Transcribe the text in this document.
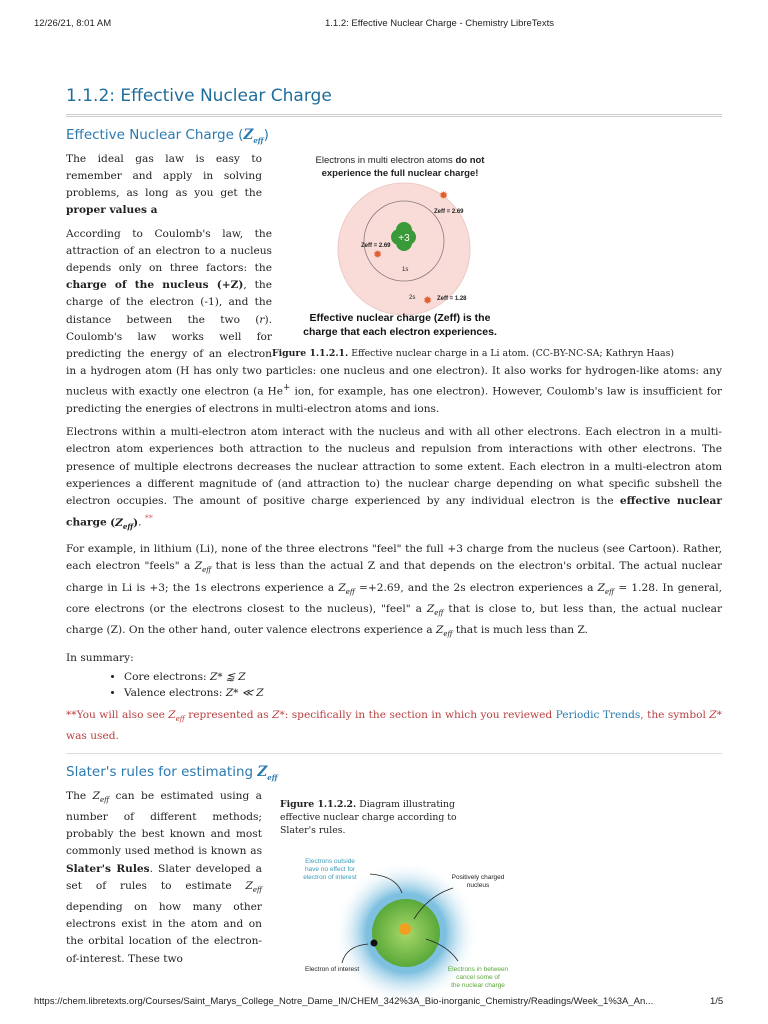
12/26/21, 8:01 AM	1.1.2: Effective Nuclear Charge - Chemistry LibreTexts
1.1.2: Effective Nuclear Charge
Effective Nuclear Charge $(Z_{eff})$
Electrons in multi electron atoms do not
experience the full nuclear charge!
+3
✹
✹
✹
Zeff = 2.69
Zeff = 2.69
Zeff = 1.28
1s
2s
Effective nuclear charge (Zeff) is the
charge that each electron experiences.
Figure 1.1.2.1. Effective nuclear charge in a Li atom. (CC-BY-NC-SA; Kathryn Haas)

The ideal gas law is easy to remember and apply in solving problems, as long as you get the proper values a

According to Coulomb's law, the attraction of an electron to a nucleus depends only on three factors: the charge of the nucleus (+Z), the charge of the electron (-1), and the distance between the two (r). Coulomb's law works well for predicting the energy of an electron in a hydrogen atom (H has only two particles: one nucleus and one electron). It also works for hydrogen-like atoms: any nucleus with exactly one electron (a He+ ion, for example, has one electron). However, Coulomb's law is insufficient for predicting the energies of electrons in multi-electron atoms and ions.

Electrons within a multi-electron atom interact with the nucleus and with all other electrons. Each electron in a multi-electron atom experiences both attraction to the nucleus and repulsion from interactions with other electrons. The presence of multiple electrons decreases the nuclear attraction to some extent. Each electron in a multi-electron atom experiences a different magnitude of (and attraction to) the nuclear charge depending on what specific subshell the electron occupies. The amount of positive charge experienced by any individual electron is the effective nuclear charge $(Z_{eff})$. **

For example, in lithium (Li), none of the three electrons "feel" the full +3 charge from the nucleus (see Cartoon). Rather, each electron "feels" a $Z_{eff}$ that is less than the actual Z and that depends on the electron's orbital. The actual nuclear charge in Li is +3; the 1s electrons experience a $Z_{eff} =+2.69$, and the 2s electron experiences a $Z_{eff} = 1.28$. In general, core electrons (or the electrons closest to the nucleus), "feel" a $Z_{eff}$ that is close to, but less than, the actual nuclear charge (Z). On the other hand, outer valence electrons experience a $Z_{eff}$ that is much less than Z.

In summary:

• Core electrons: Z* ⪅ Z
• Valence electrons: Z* ≪ Z
**You will also see $Z_{eff}$ represented as Z*: specifically in the section in which you reviewed Periodic Trends, the symbol Z* was used.
Slater's rules for estimating $Z_{eff}$

The $Z_{eff}$ can be estimated using a number of different methods; probably the best known and most commonly used method is known as Slater's Rules. Slater developed a set of rules to estimate $Z_{eff}$ depending on how many other electrons exist in the atom and on the orbital location of the electron-of-interest. These two

Figure 1.1.2.2. Diagram illustrating effective nuclear charge according to Slater's rules.
Electrons outside have no effect for electron of interest	Positively charged nucleus
Electron of interest	Electrons in between cancel some of the nuclear charge
https://chem.libretexts.org/Courses/Saint_Marys_College_Notre_Dame_IN/CHEM_342%3A_Bio-inorganic_Chemistry/Readings/Week_1%3A_An...	1/5
